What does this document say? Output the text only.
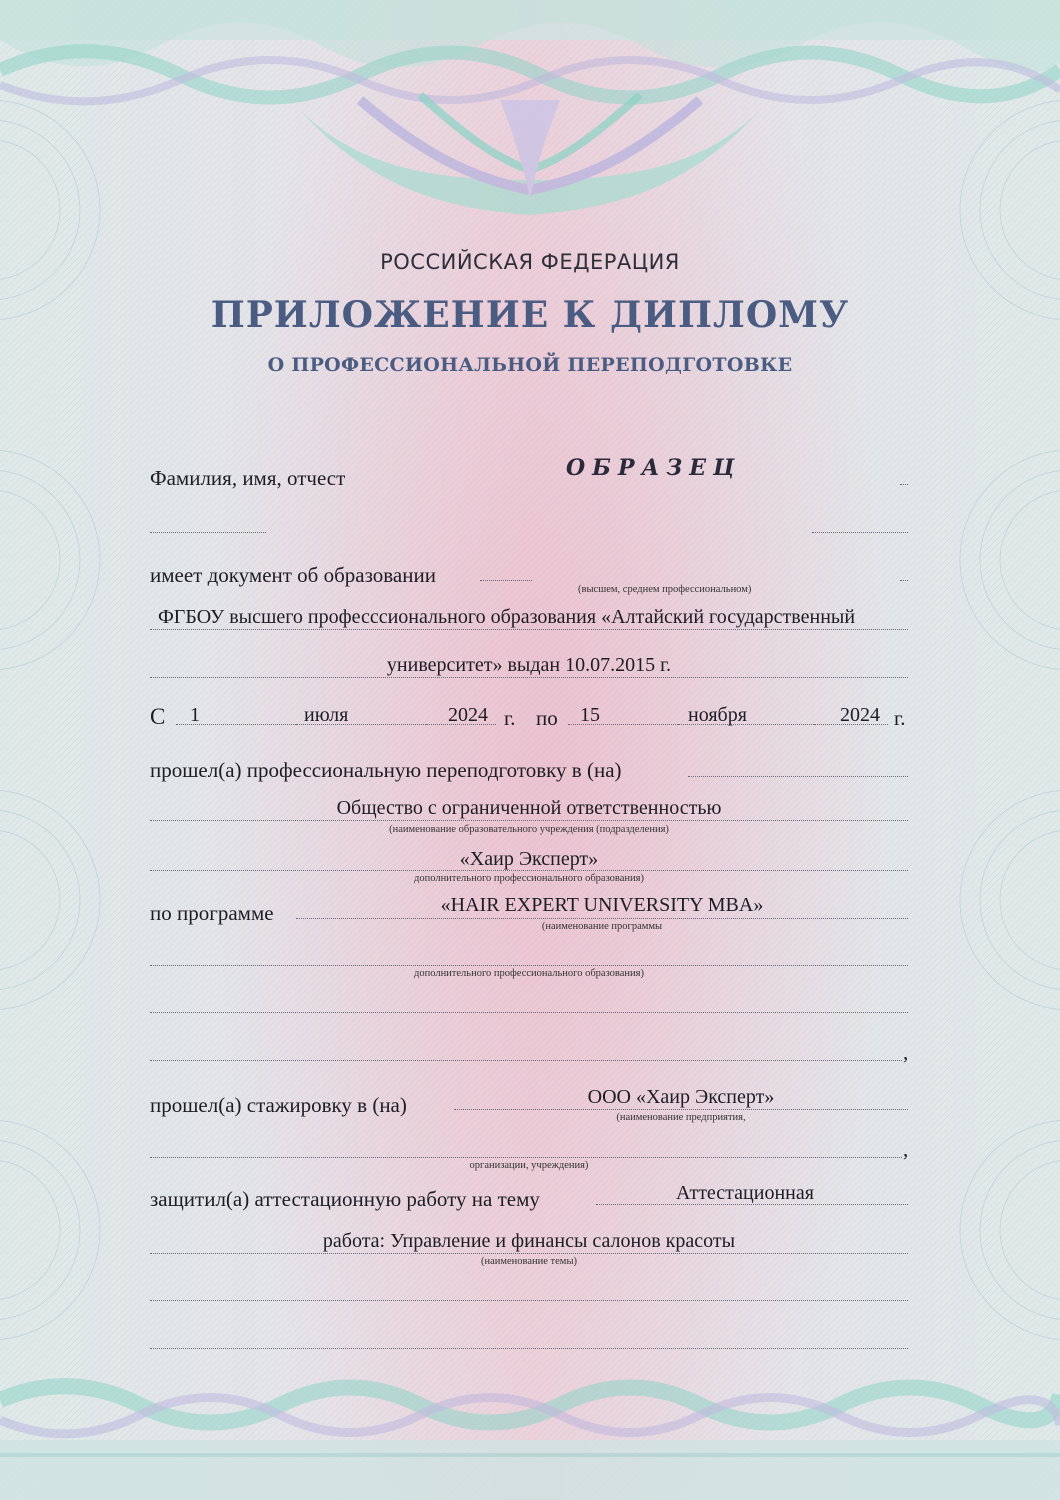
РОССИЙСКАЯ ФЕДЕРАЦИЯ
ПРИЛОЖЕНИЕ К ДИПЛОМУ
О ПРОФЕССИОНАЛЬНОЙ ПЕРЕПОДГОТОВКЕ
Фамилия, имя, отчест	ОБРАЗЕЦ
имеет документ об образовании
(высшем, среднем профессиональном)
ФГБОУ высшего професссионального образования «Алтайский государственный
университет» выдан 10.07.2015 г.
С 1	июля	2024 г. по 15	ноября	2024 г.
прошел(а) профессиональную переподготовку в (на)
Общество с ограниченной ответственностью
(наименование образовательного учреждения (подразделения)
«Хаир Эксперт»
дополнительного профессионального образования)
по программе	«HAIR EXPERT UNIVERSITY MBA»
(наименование программы
дополнительного профессионального образования)
,
прошел(а) стажировку в (на)	ООО «Хаир Эксперт»
(наименование предприятия,
,
организации, учреждения)
защитил(а) аттестационную работу на тему	Аттестационная
работа: Управление и финансы салонов красоты
(наименование темы)
